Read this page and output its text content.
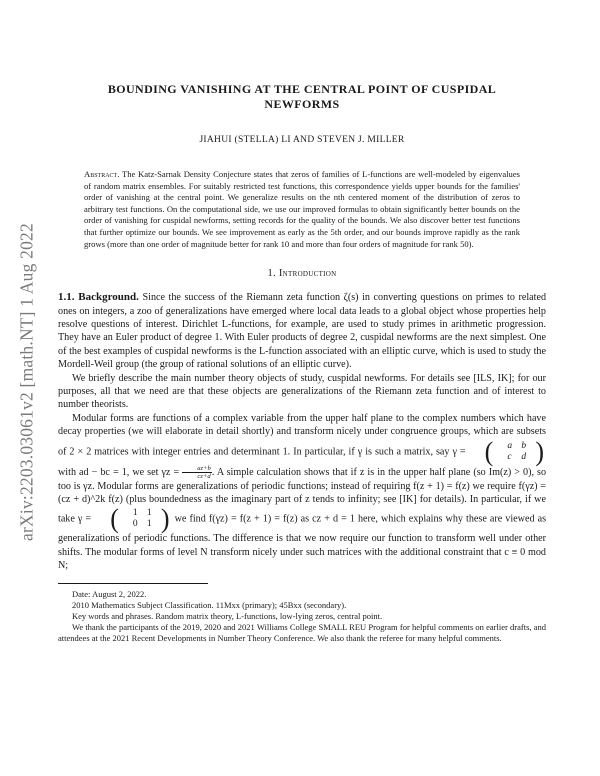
arXiv:2203.03061v2 [math.NT] 1 Aug 2022
BOUNDING VANISHING AT THE CENTRAL POINT OF CUSPIDAL NEWFORMS
JIAHUI (STELLA) LI AND STEVEN J. MILLER
Abstract. The Katz-Sarnak Density Conjecture states that zeros of families of L-functions are well-modeled by eigenvalues of random matrix ensembles. For suitably restricted test functions, this correspondence yields upper bounds for the families' order of vanishing at the central point. We generalize results on the nth centered moment of the distribution of zeros to arbitrary test functions. On the computational side, we use our improved formulas to obtain significantly better bounds on the order of vanishing for cuspidal newforms, setting records for the quality of the bounds. We also discover better test functions that further optimize our bounds. We see improvement as early as the 5th order, and our bounds improve rapidly as the rank grows (more than one order of magnitude better for rank 10 and more than four orders of magnitude for rank 50).
1. Introduction

1.1. Background. Since the success of the Riemann zeta function ζ(s) in converting questions on primes to related ones on integers, a zoo of generalizations have emerged where local data leads to a global object whose properties help resolve questions of interest. Dirichlet L-functions, for example, are used to study primes in arithmetic progression. They have an Euler product of degree 1. With Euler products of degree 2, cuspidal newforms are the next simplest. One of the best examples of cuspidal newforms is the L-function associated with an elliptic curve, which is used to study the Mordell-Weil group (the group of rational solutions of an elliptic curve).

We briefly describe the main number theory objects of study, cuspidal newforms. For details see [ILS, IK]; for our purposes, all that we need are that these objects are generalizations of the Riemann zeta function and of interest to number theorists.

Modular forms are functions of a complex variable from the upper half plane to the complex numbers which have decay properties (we will elaborate in detail shortly) and transform nicely under congruence groups, which are subsets of 2 × 2 matrices with integer entries and determinant 1. In particular, if γ is such a matrix, say γ = (	a b
c	d )
with ad − bc = 1, we set $\gamma z = \frac{az+b}{cz+d}$ . A simple calculation shows that if z is in the upper half plane (so Im(z) > 0), so too is γz. Modular forms are generalizations of periodic functions; instead of requiring f(z + 1) = f(z) we require f(γz) = (cz + d)^2k f(z) (plus boundedness as the imaginary part of z tends to infinity; see [IK] for details). In particular, if we take γ = (	1 1
0 1 ) we find f(γz) = f(z + 1) = f(z) as cz + d = 1 here, which explains why these are viewed as generalizations of periodic functions. The difference is that we now require our function to transform well under other shifts. The modular forms of level N transform nicely under such matrices with the additional constraint that c ≡ 0 mod N;

Date: August 2, 2022.

2010 Mathematics Subject Classification. 11Mxx (primary); 45Bxx (secondary).

Key words and phrases. Random matrix theory, L-functions, low-lying zeros, central point.

We thank the participants of the 2019, 2020 and 2021 Williams College SMALL REU Program for helpful comments on earlier drafts, and attendees at the 2021 Recent Developments in Number Theory Conference. We also thank the referee for many helpful comments.
